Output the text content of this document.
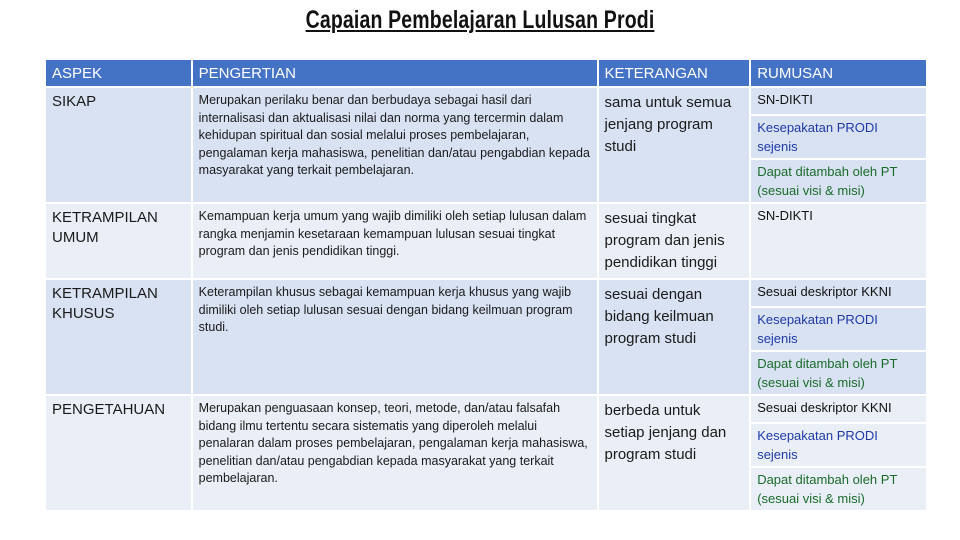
Capaian Pembelajaran Lulusan Prodi
ASPEK	PENGERTIAN	KETERANGAN	RUMUSAN
SIKAP	Merupakan perilaku benar dan berbudaya sebagai hasil dari internalisasi dan aktualisasi nilai dan norma yang tercermin dalam kehidupan spiritual dan sosial melalui proses pembelajaran, pengalaman kerja mahasiswa, penelitian dan/atau pengabdian kepada masyarakat yang terkait pembelajaran.	sama untuk semua jenjang program studi	SN-DIKTI
			Kesepakatan PRODI sejenis
			Dapat ditambah oleh PT (sesuai visi & misi)
KETRAMPILAN UMUM	Kemampuan kerja umum yang wajib dimiliki oleh setiap lulusan dalam rangka menjamin kesetaraan kemampuan lulusan sesuai tingkat program dan jenis pendidikan tinggi.	sesuai tingkat program dan jenis pendidikan tinggi	SN-DIKTI
KETRAMPILAN KHUSUS	Keterampilan khusus sebagai kemampuan kerja khusus yang wajib dimiliki oleh setiap lulusan sesuai dengan bidang keilmuan program studi.	sesuai dengan bidang keilmuan program studi	Sesuai deskriptor KKNI
			Kesepakatan PRODI sejenis
			Dapat ditambah oleh PT (sesuai visi & misi)
PENGETAHUAN	Merupakan penguasaan konsep, teori, metode, dan/atau falsafah bidang ilmu tertentu secara sistematis yang diperoleh melalui penalaran dalam proses pembelajaran, pengalaman kerja mahasiswa, penelitian dan/atau pengabdian kepada masyarakat yang terkait pembelajaran.	berbeda untuk setiap jenjang dan program studi	Sesuai deskriptor KKNI
			Kesepakatan PRODI sejenis
			Dapat ditambah oleh PT (sesuai visi & misi)
